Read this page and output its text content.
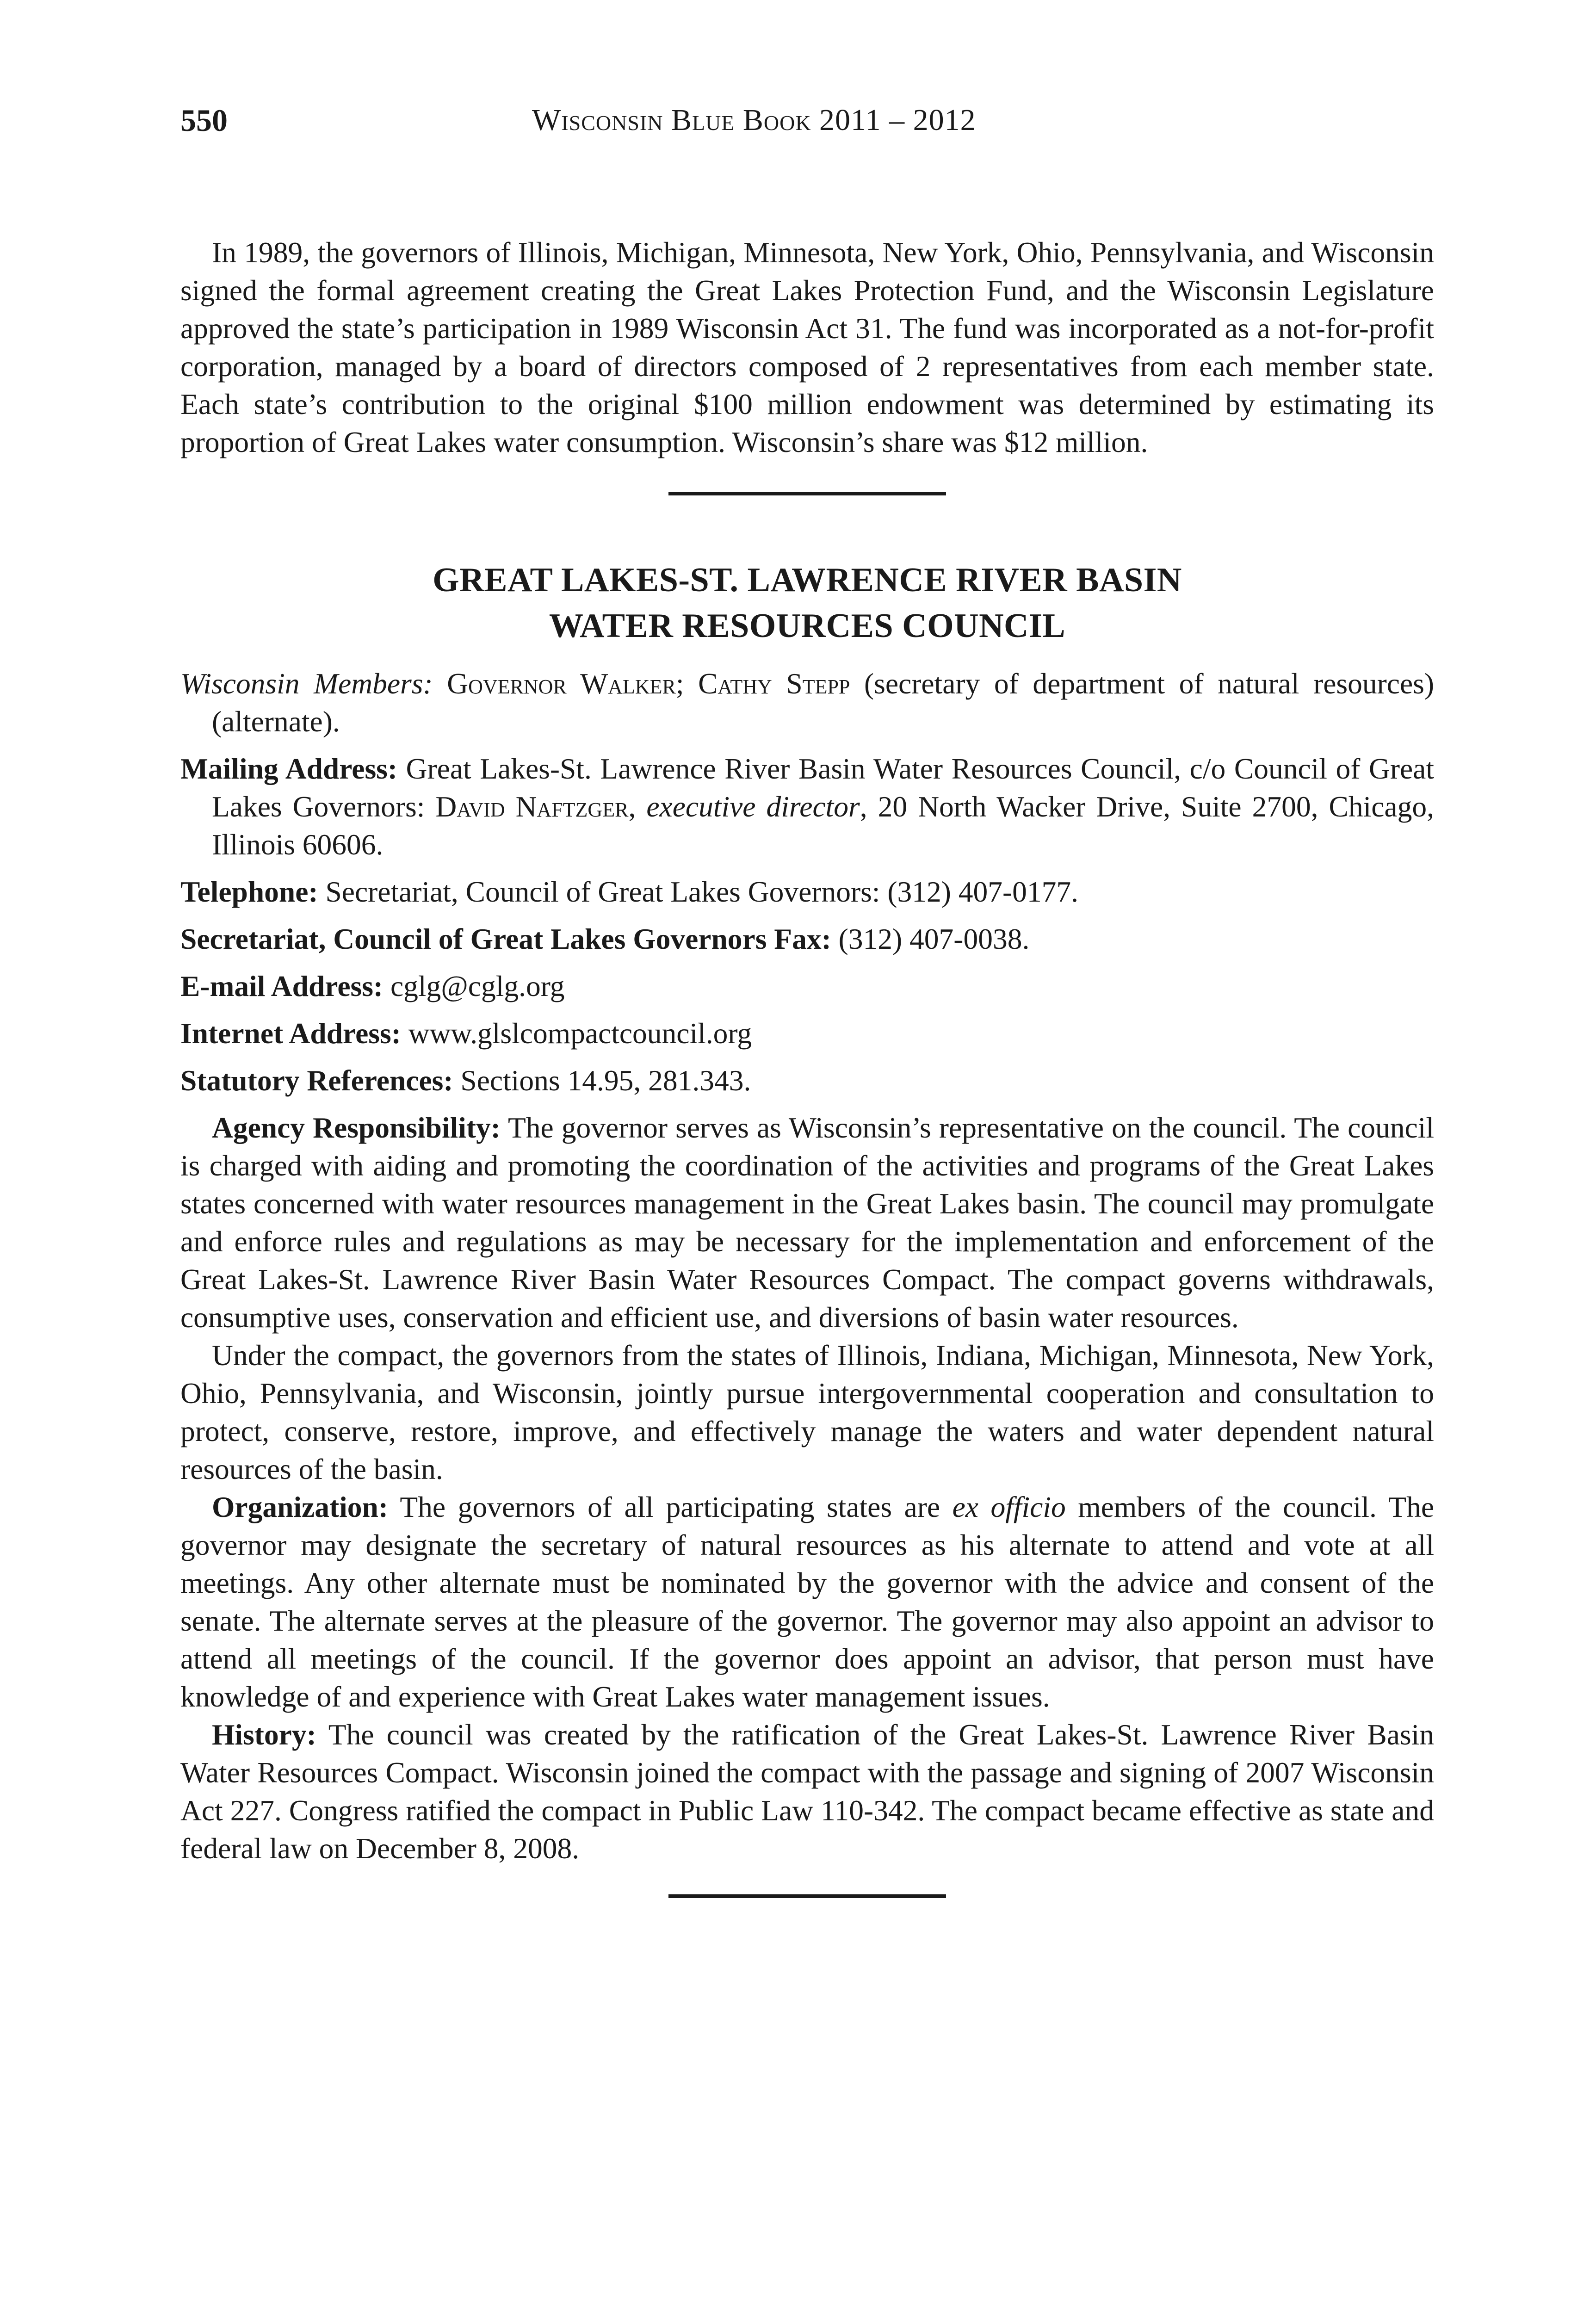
550	Wisconsin Blue Book 2011 – 2012

In 1989, the governors of Illinois, Michigan, Minnesota, New York, Ohio, Pennsylvania, and Wisconsin signed the formal agreement creating the Great Lakes Protection Fund, and the Wisconsin Legislature approved the state’s participation in 1989 Wisconsin Act 31. The fund was incorporated as a not-for-profit corporation, managed by a board of directors composed of 2 representatives from each member state. Each state’s contribution to the original $100 million endowment was determined by estimating its proportion of Great Lakes water consumption. Wisconsin’s share was $12 million.

GREAT LAKES-ST. LAWRENCE RIVER BASIN
WATER RESOURCES COUNCIL
Wisconsin Members: Governor Walker; Cathy Stepp (secretary of department of natural resources) (alternate).
Mailing Address: Great Lakes-St. Lawrence River Basin Water Resources Council, c/o Council of Great Lakes Governors: David Naftzger, executive director, 20 North Wacker Drive, Suite 2700, Chicago, Illinois 60606.
Telephone: Secretariat, Council of Great Lakes Governors: (312) 407-0177.
Secretariat, Council of Great Lakes Governors Fax: (312) 407-0038.
E-mail Address: cglg@cglg.org
Internet Address: www.glslcompactcouncil.org
Statutory References: Sections 14.95, 281.343.

Agency Responsibility: The governor serves as Wisconsin’s representative on the council. The council is charged with aiding and promoting the coordination of the activities and programs of the Great Lakes states concerned with water resources management in the Great Lakes basin. The council may promulgate and enforce rules and regulations as may be necessary for the implementation and enforcement of the Great Lakes-St. Lawrence River Basin Water Resources Compact. The compact governs withdrawals, consumptive uses, conservation and efficient use, and diversions of basin water resources.

Under the compact, the governors from the states of Illinois, Indiana, Michigan, Minnesota, New York, Ohio, Pennsylvania, and Wisconsin, jointly pursue intergovernmental cooperation and consultation to protect, conserve, restore, improve, and effectively manage the waters and water dependent natural resources of the basin.

Organization: The governors of all participating states are ex officio members of the council. The governor may designate the secretary of natural resources as his alternate to attend and vote at all meetings. Any other alternate must be nominated by the governor with the advice and consent of the senate. The alternate serves at the pleasure of the governor. The governor may also appoint an advisor to attend all meetings of the council. If the governor does appoint an advisor, that person must have knowledge of and experience with Great Lakes water management issues.

History: The council was created by the ratification of the Great Lakes-St. Lawrence River Basin Water Resources Compact. Wisconsin joined the compact with the passage and signing of 2007 Wisconsin Act 227. Congress ratified the compact in Public Law 110-342. The compact became effective as state and federal law on December 8, 2008.
